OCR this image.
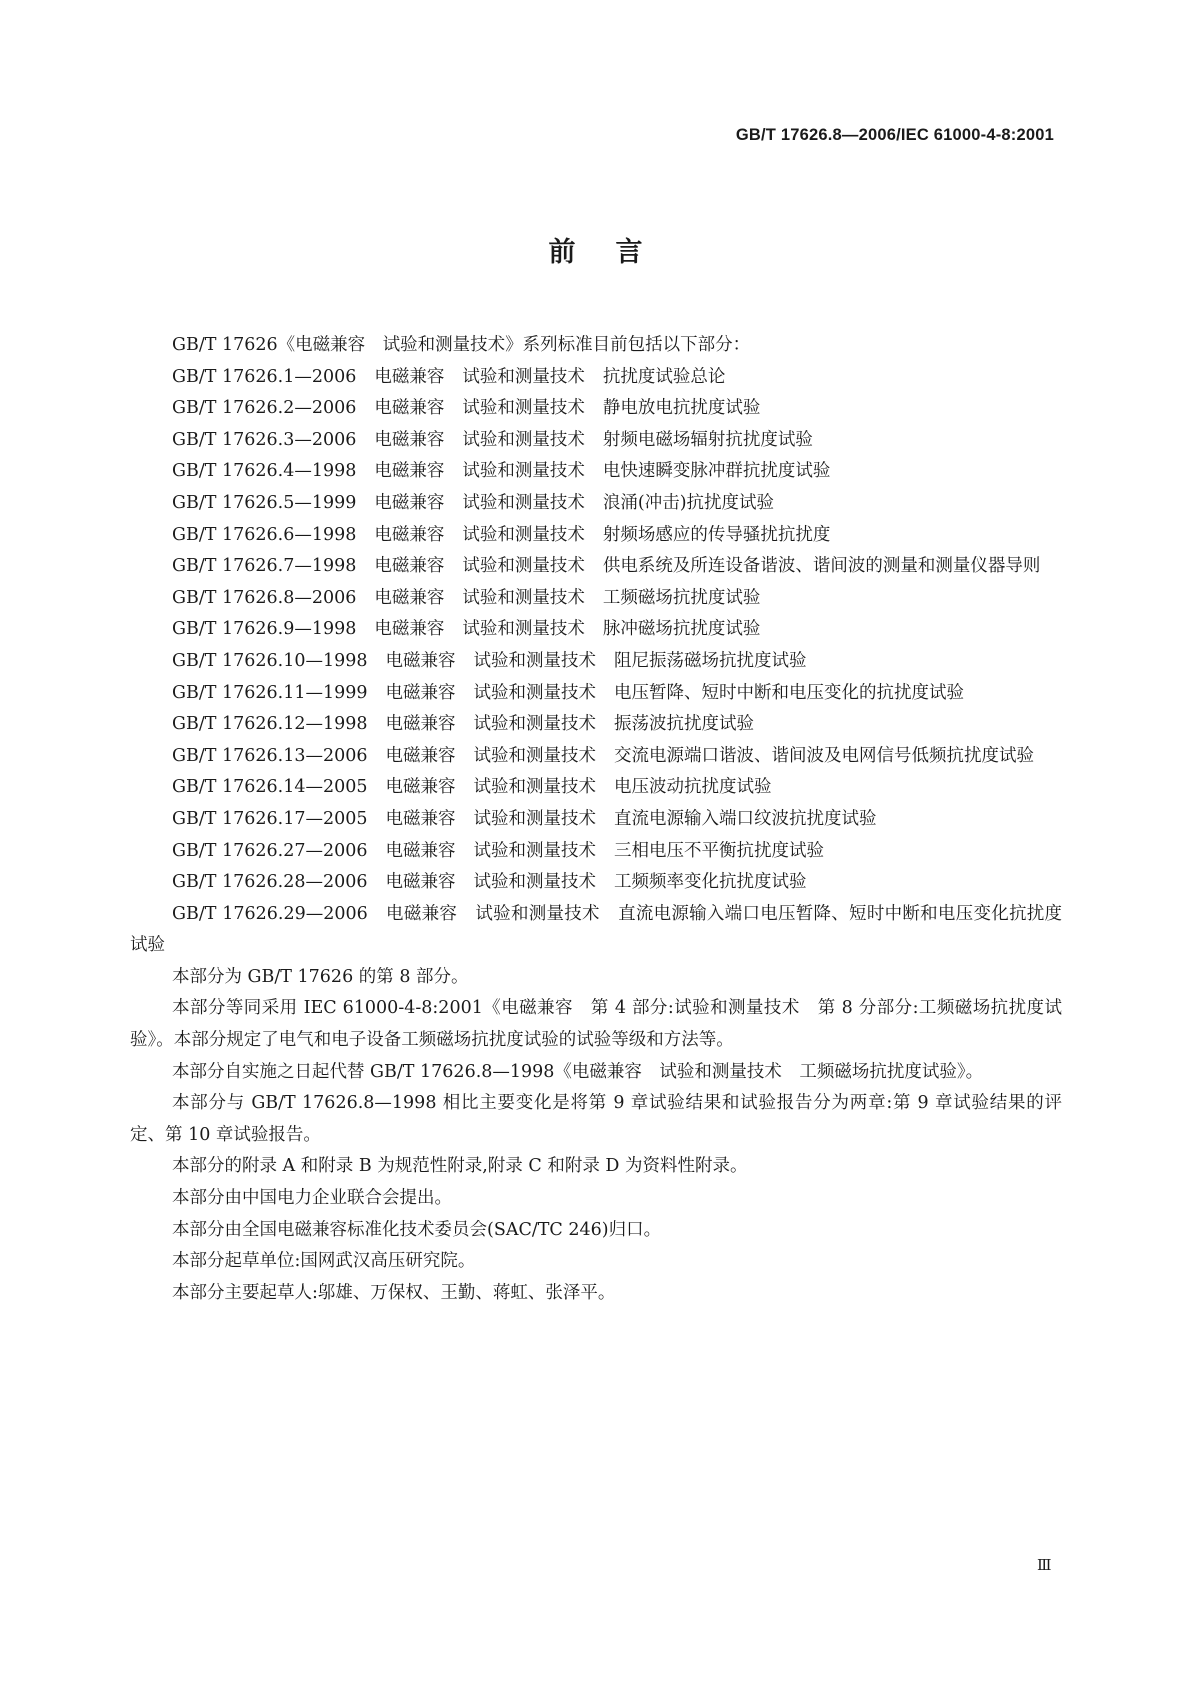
GB/T 17626.8—2006/IEC 61000-4-8:2001
前言

GB/T 17626《电磁兼容　试验和测量技术》系列标准目前包括以下部分：

GB/T 17626.1—2006 电磁兼容 试验和测量技术 抗扰度试验总论

GB/T 17626.2—2006 电磁兼容 试验和测量技术 静电放电抗扰度试验

GB/T 17626.3—2006 电磁兼容 试验和测量技术 射频电磁场辐射抗扰度试验

GB/T 17626.4—1998 电磁兼容 试验和测量技术 电快速瞬变脉冲群抗扰度试验

GB/T 17626.5—1999 电磁兼容 试验和测量技术 浪涌(冲击)抗扰度试验

GB/T 17626.6—1998 电磁兼容 试验和测量技术 射频场感应的传导骚扰抗扰度

GB/T 17626.7—1998 电磁兼容 试验和测量技术 供电系统及所连设备谐波、谐间波的测量和测量仪器导则

GB/T 17626.8—2006 电磁兼容 试验和测量技术 工频磁场抗扰度试验

GB/T 17626.9—1998 电磁兼容 试验和测量技术 脉冲磁场抗扰度试验

GB/T 17626.10—1998 电磁兼容 试验和测量技术 阻尼振荡磁场抗扰度试验

GB/T 17626.11—1999 电磁兼容 试验和测量技术 电压暂降、短时中断和电压变化的抗扰度试验

GB/T 17626.12—1998 电磁兼容 试验和测量技术 振荡波抗扰度试验

GB/T 17626.13—2006 电磁兼容 试验和测量技术 交流电源端口谐波、谐间波及电网信号低频抗扰度试验

GB/T 17626.14—2005 电磁兼容 试验和测量技术 电压波动抗扰度试验

GB/T 17626.17—2005 电磁兼容 试验和测量技术 直流电源输入端口纹波抗扰度试验

GB/T 17626.27—2006 电磁兼容 试验和测量技术 三相电压不平衡抗扰度试验

GB/T 17626.28—2006 电磁兼容 试验和测量技术 工频频率变化抗扰度试验

GB/T 17626.29—2006 电磁兼容 试验和测量技术 直流电源输入端口电压暂降、短时中断和电压变化抗扰度试验

本部分为 GB/T 17626 的第 8 部分。

本部分等同采用 IEC 61000-4-8:2001《电磁兼容　第 4 部分:试验和测量技术　第 8 分部分:工频磁场抗扰度试验》。本部分规定了电气和电子设备工频磁场抗扰度试验的试验等级和方法等。

本部分自实施之日起代替 GB/T 17626.8—1998《电磁兼容　试验和测量技术　工频磁场抗扰度试验》。

本部分与 GB/T 17626.8—1998 相比主要变化是将第 9 章试验结果和试验报告分为两章:第 9 章试验结果的评定、第 10 章试验报告。

本部分的附录 A 和附录 B 为规范性附录,附录 C 和附录 D 为资料性附录。

本部分由中国电力企业联合会提出。

本部分由全国电磁兼容标准化技术委员会(SAC/TC 246)归口。

本部分起草单位:国网武汉高压研究院。

本部分主要起草人:邬雄、万保权、王勤、蒋虹、张泽平。

Ⅲ
